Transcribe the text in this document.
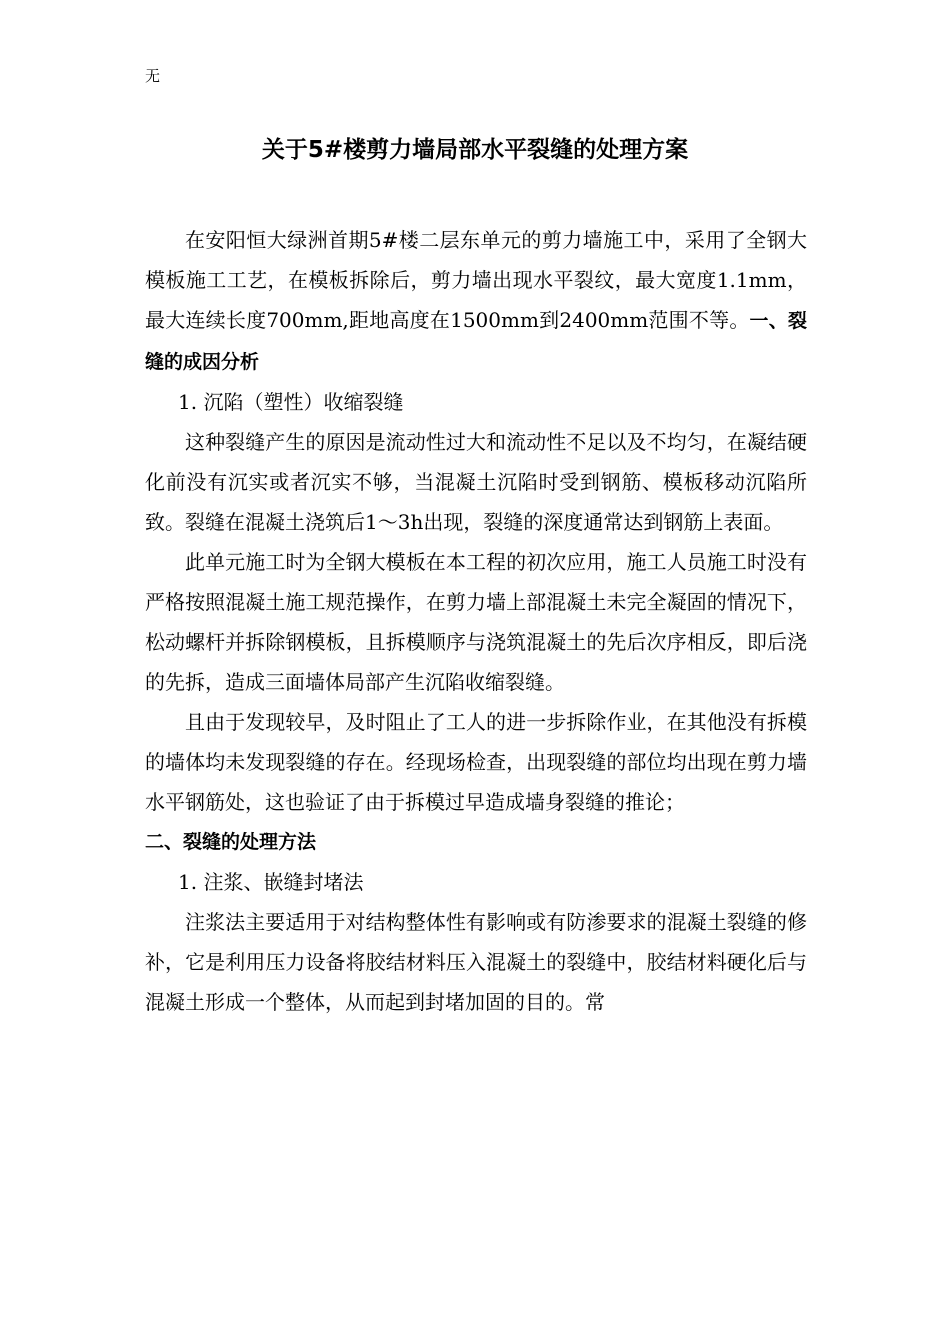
无
关于5#楼剪力墙局部水平裂缝的处理方案

在安阳恒大绿洲首期5#楼二层东单元的剪力墙施工中，采用了全钢大模板施工工艺，在模板拆除后，剪力墙出现水平裂纹，最大宽度1.1mm，最大连续长度700mm,距地高度在1500mm到2400mm范围不等。一、裂缝的成因分析

1. 沉陷（塑性）收缩裂缝

这种裂缝产生的原因是流动性过大和流动性不足以及不均匀，在凝结硬化前没有沉实或者沉实不够，当混凝土沉陷时受到钢筋、模板移动沉陷所致。裂缝在混凝土浇筑后1～3h出现，裂缝的深度通常达到钢筋上表面。

此单元施工时为全钢大模板在本工程的初次应用，施工人员施工时没有严格按照混凝土施工规范操作，在剪力墙上部混凝土未完全凝固的情况下，松动螺杆并拆除钢模板，且拆模顺序与浇筑混凝土的先后次序相反，即后浇的先拆，造成三面墙体局部产生沉陷收缩裂缝。

且由于发现较早，及时阻止了工人的进一步拆除作业，在其他没有拆模的墙体均未发现裂缝的存在。经现场检查，出现裂缝的部位均出现在剪力墙水平钢筋处，这也验证了由于拆模过早造成墙身裂缝的推论；

二、裂缝的处理方法

1. 注浆、嵌缝封堵法

注浆法主要适用于对结构整体性有影响或有防渗要求的混凝土裂缝的修补，它是利用压力设备将胶结材料压入混凝土的裂缝中，胶结材料硬化后与混凝土形成一个整体，从而起到封堵加固的目的。常
